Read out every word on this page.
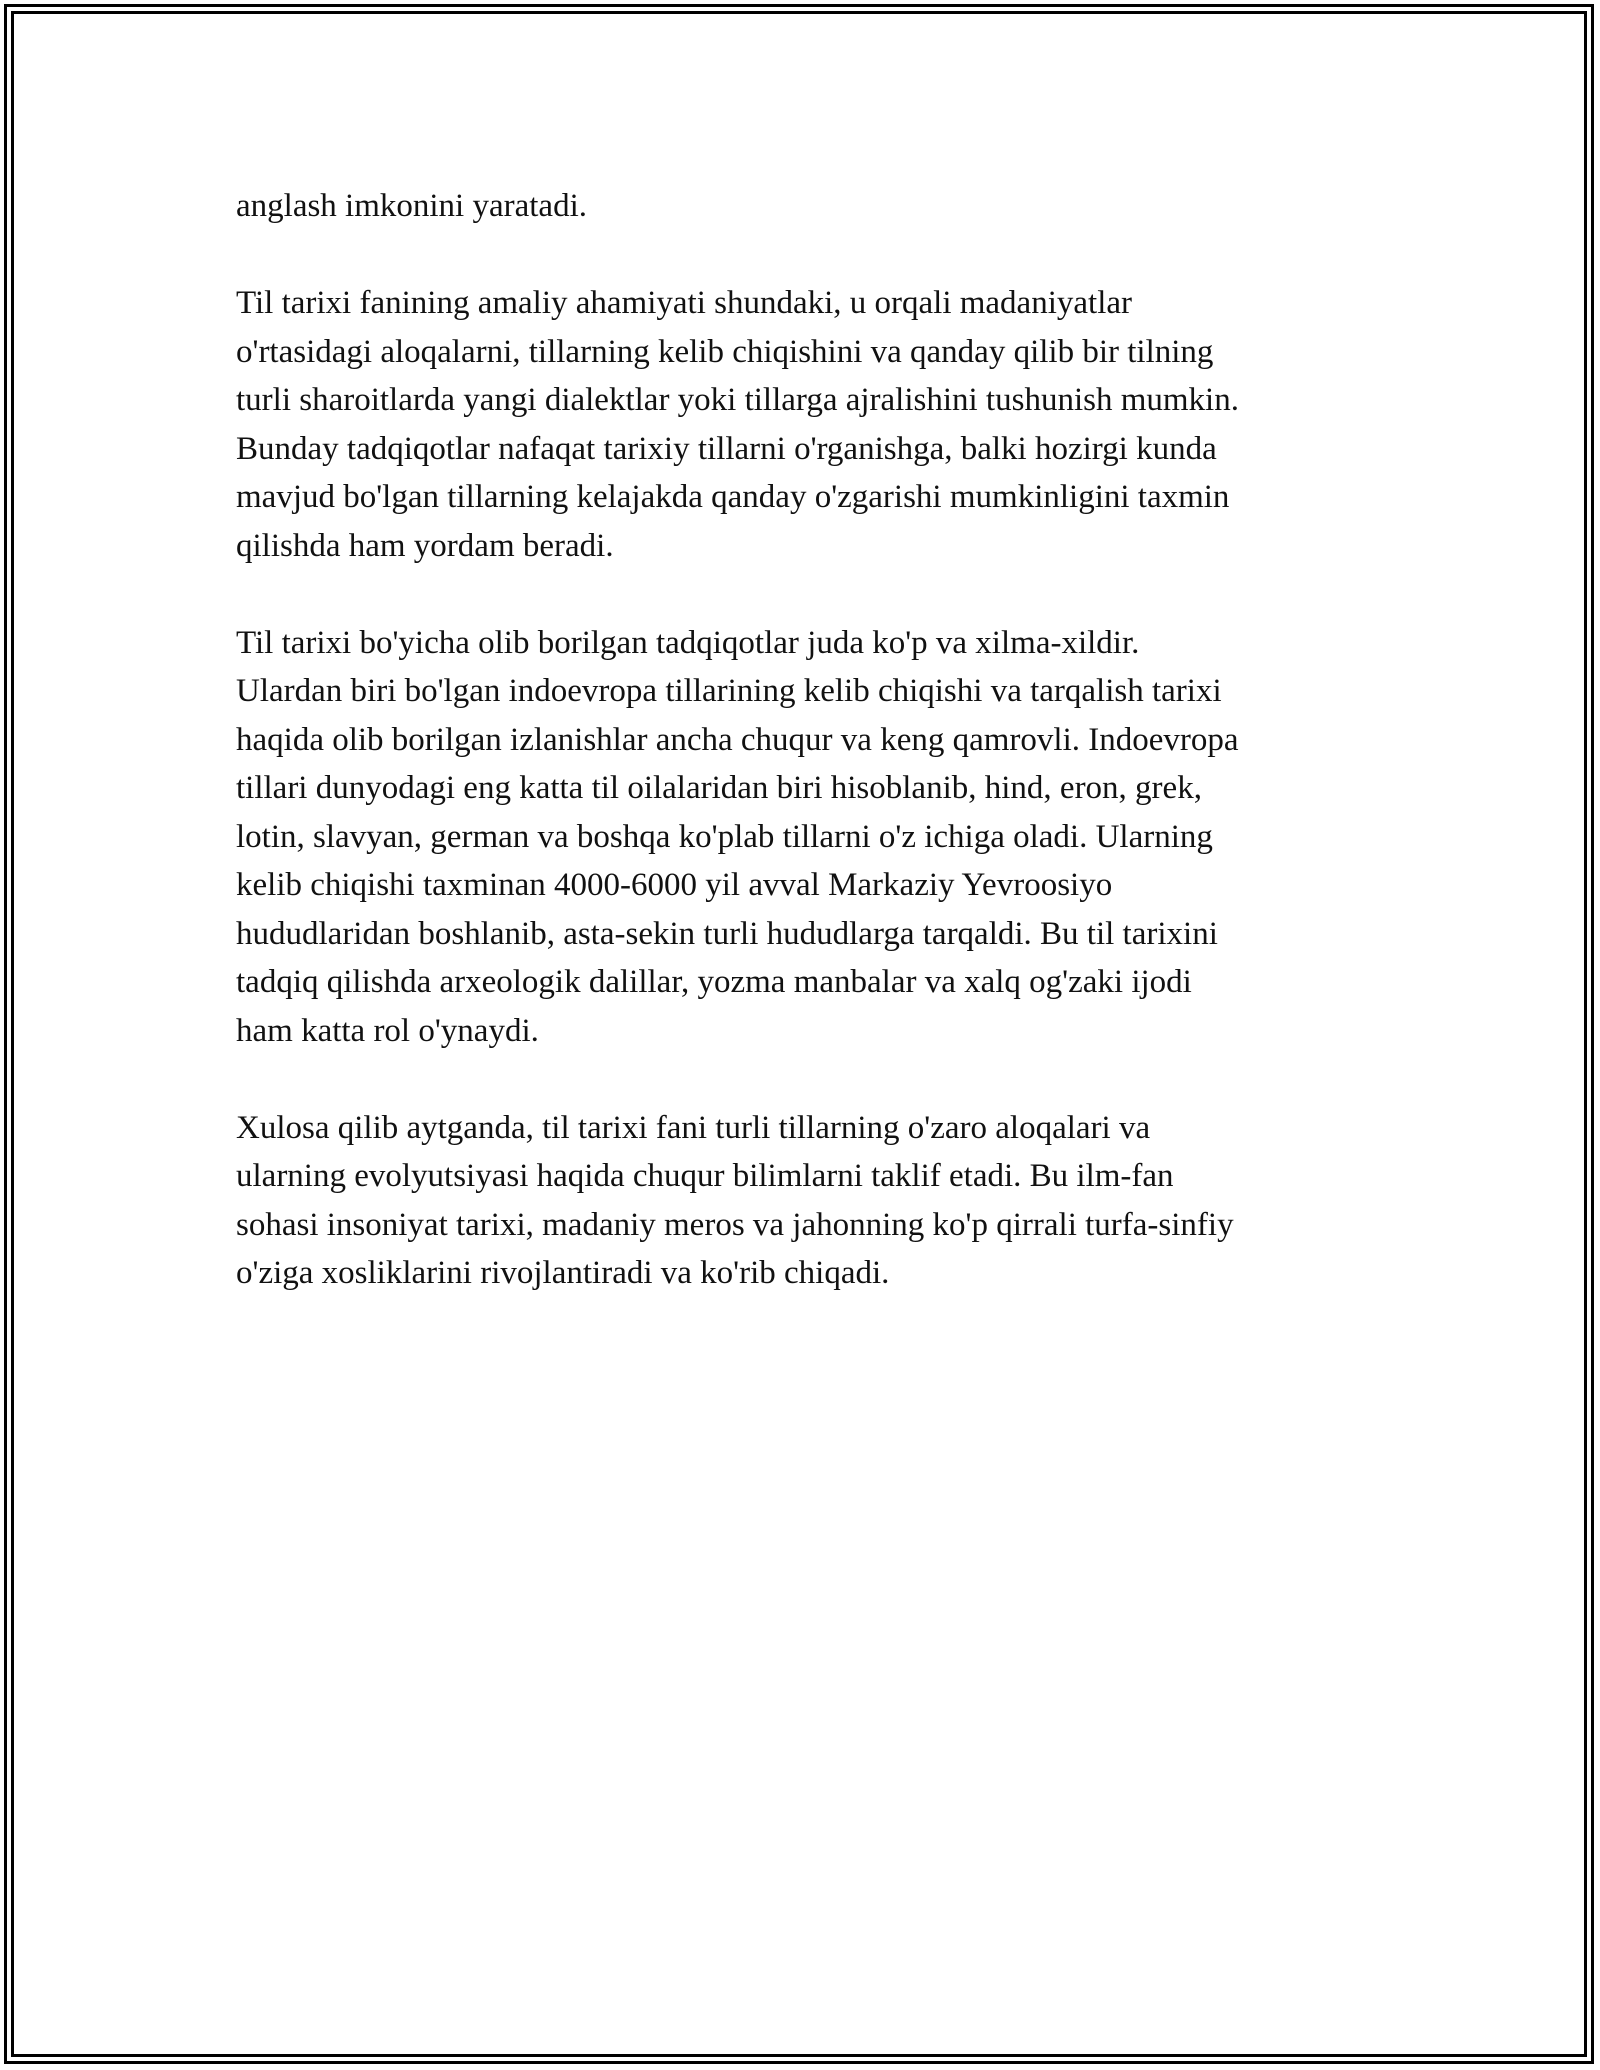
anglash imkonini yaratadi.

Til tarixi fanining amaliy ahamiyati shundaki, u orqali madaniyatlar
o'rtasidagi aloqalarni, tillarning kelib chiqishini va qanday qilib bir tilning
turli sharoitlarda yangi dialektlar yoki tillarga ajralishini tushunish mumkin.
Bunday tadqiqotlar nafaqat tarixiy tillarni o'rganishga, balki hozirgi kunda
mavjud bo'lgan tillarning kelajakda qanday o'zgarishi mumkinligini taxmin
qilishda ham yordam beradi.

Til tarixi bo'yicha olib borilgan tadqiqotlar juda ko'p va xilma-xildir.
Ulardan biri bo'lgan indoevropa tillarining kelib chiqishi va tarqalish tarixi
haqida olib borilgan izlanishlar ancha chuqur va keng qamrovli. Indoevropa
tillari dunyodagi eng katta til oilalaridan biri hisoblanib, hind, eron, grek,
lotin, slavyan, german va boshqa ko'plab tillarni o'z ichiga oladi. Ularning
kelib chiqishi taxminan 4000-6000 yil avval Markaziy Yevroosiyo
hududlaridan boshlanib, asta-sekin turli hududlarga tarqaldi. Bu til tarixini
tadqiq qilishda arxeologik dalillar, yozma manbalar va xalq og'zaki ijodi
ham katta rol o'ynaydi.

Xulosa qilib aytganda, til tarixi fani turli tillarning o'zaro aloqalari va
ularning evolyutsiyasi haqida chuqur bilimlarni taklif etadi. Bu ilm-fan
sohasi insoniyat tarixi, madaniy meros va jahonning ko'p qirrali turfa-sinfiy
o'ziga xosliklarini rivojlantiradi va ko'rib chiqadi.
